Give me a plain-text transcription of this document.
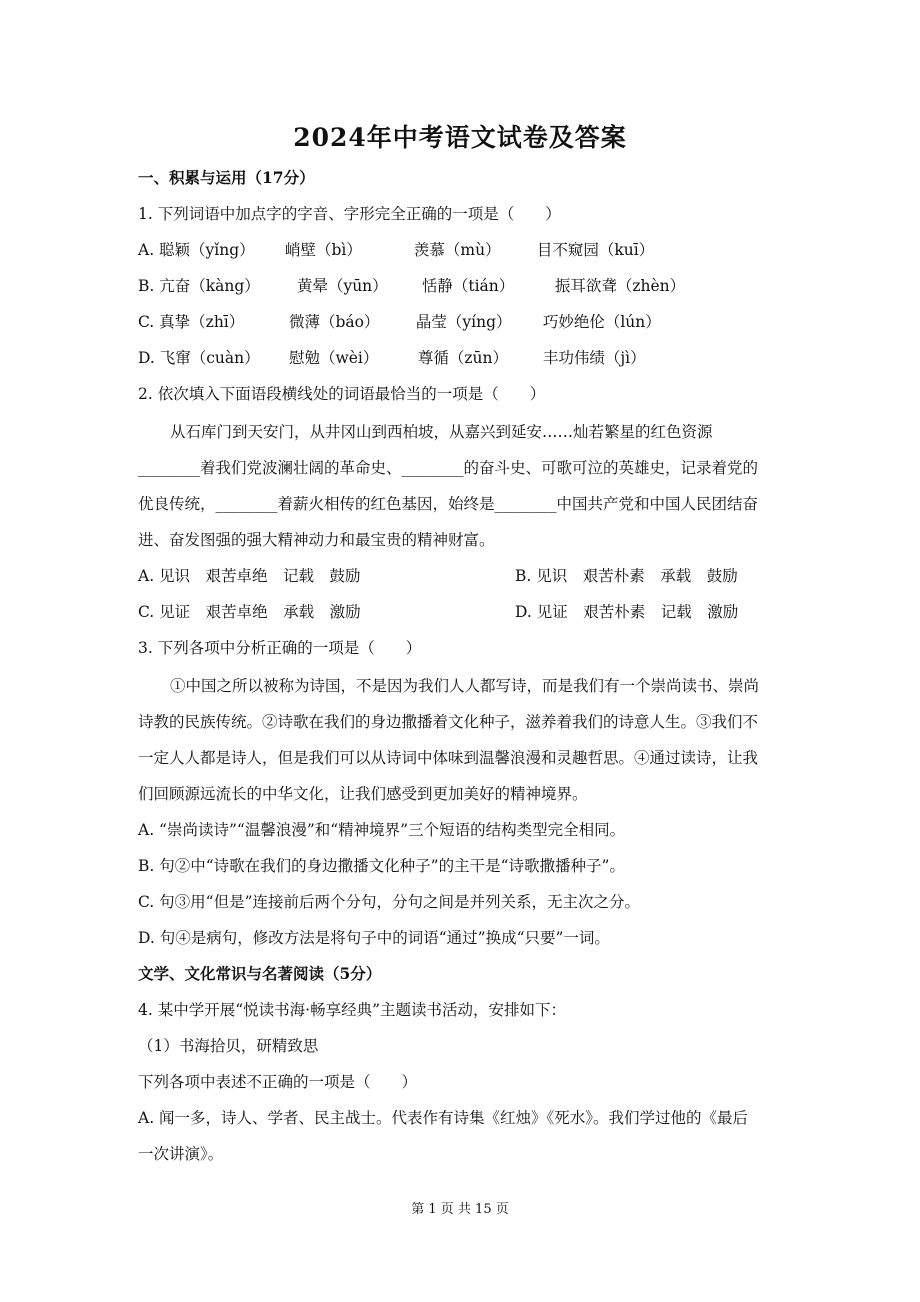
2024年中考语文试卷及答案
一、积累与运用（17分）
1. 下列词语中加点字的字音、字形完全正确的一项是（　　）
A. 聪颖（yǐng） 峭壁（bì）	羡慕（mù） 目不窥园（kuī）
B. 亢奋（kàng） 黄晕（yūn） 恬静（tián）	振耳欲聋（zhèn）
C. 真挚（zhī）	微薄（báo） 晶莹（yíng） 巧妙绝伦（lún）
D. 飞窜（cuàn） 慰勉（wèi）	尊循（zūn） 丰功伟绩（jì）
2. 依次填入下面语段横线处的词语最恰当的一项是（　　）
从石库门到天安门，从井冈山到西柏坡，从嘉兴到延安……灿若繁星的红色资源
________着我们党波澜壮阔的革命史、________的奋斗史、可歌可泣的英雄史，记录着党的
优良传统，________着薪火相传的红色基因，始终是________中国共产党和中国人民团结奋
进、奋发图强的强大精神动力和最宝贵的精神财富。
A. 见识　艰苦卓绝　记载　鼓励	B. 见识　艰苦朴素　承载　鼓励
C. 见证　艰苦卓绝　承载　激励	D. 见证　艰苦朴素　记载　激励
3. 下列各项中分析正确的一项是（　　）
①中国之所以被称为诗国，不是因为我们人人都写诗，而是我们有一个崇尚读书、崇尚
诗教的民族传统。②诗歌在我们的身边撒播着文化种子，滋养着我们的诗意人生。③我们不
一定人人都是诗人，但是我们可以从诗词中体味到温馨浪漫和灵趣哲思。④通过读诗，让我
们回顾源远流长的中华文化，让我们感受到更加美好的精神境界。
A. “崇尚读诗”“温馨浪漫”和“精神境界”三个短语的结构类型完全相同。
B. 句②中“诗歌在我们的身边撒播文化种子”的主干是“诗歌撒播种子”。
C. 句③用“但是”连接前后两个分句，分句之间是并列关系，无主次之分。
D. 句④是病句，修改方法是将句子中的词语“通过”换成“只要”一词。
文学、文化常识与名著阅读（5分）
4. 某中学开展“悦读书海·畅享经典”主题读书活动，安排如下：
（1）书海拾贝，研精致思
下列各项中表述不正确的一项是（　　）
A. 闻一多，诗人、学者、民主战士。代表作有诗集《红烛》《死水》。我们学过他的《最后
一次讲演》。
第 1 页 共 15 页
